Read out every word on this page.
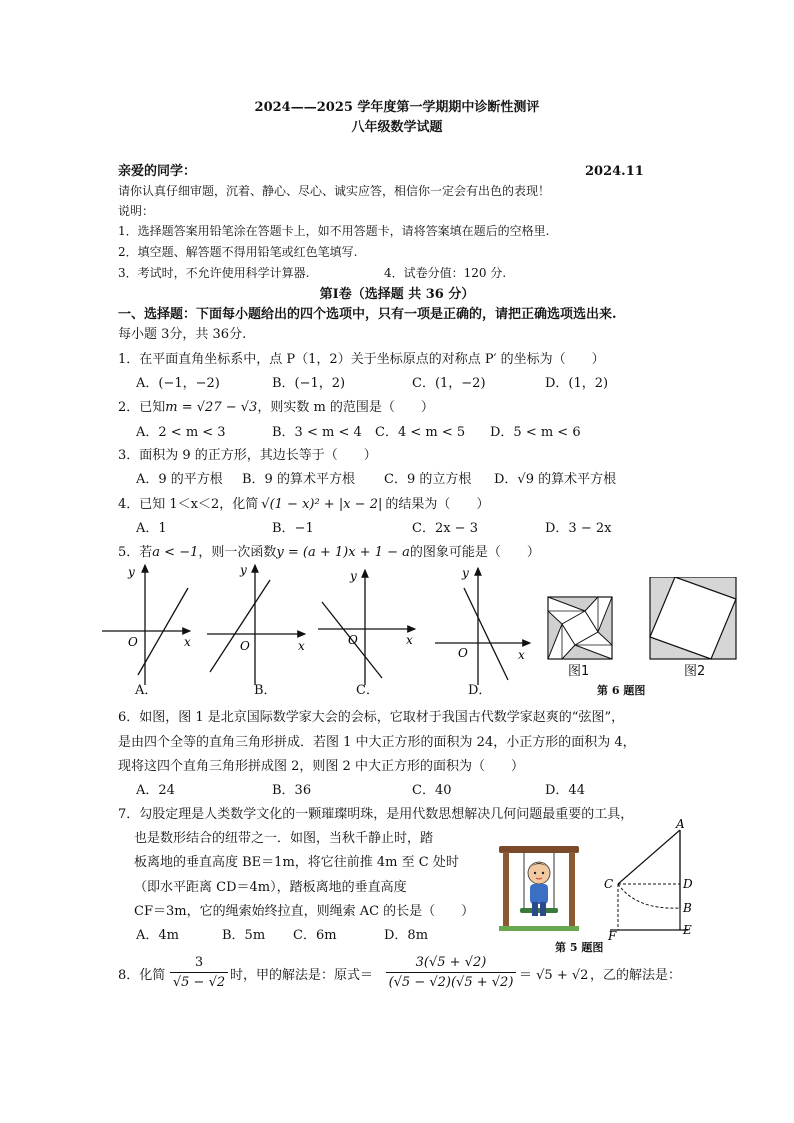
2024——2025 学年度第一学期期中诊断性测评
八年级数学试题
亲爱的同学：	2024.11
请你认真仔细审题，沉着、静心、尽心、诚实应答，相信你一定会有出色的表现！
说明：
1．选择题答案用铅笔涂在答题卡上，如不用答题卡，请将答案填在题后的空格里.
2．填空题、解答题不得用铅笔或红色笔填写.
3．考试时，不允许使用科学计算器.	4．试卷分值：120 分.
第Ⅰ卷（选择题 共 36 分）
一、选择题：下面每小题给出的四个选项中，只有一项是正确的，请把正确选项选出来.
每小题 3分，共 36分.
1．在平面直角坐标系中，点 P（1，2）关于坐标原点的对称点 P′ 的坐标为（　　）
A．(−1，−2)	B．(−1，2)	C．(1，−2)	D．(1，2)
2．已知m = √27 − √3，则实数 m 的范围是（　　）
A．2 < m < 3	B．3 < m < 4 C．4 < m < 5 D．5 < m < 6
3．面积为 9 的正方形，其边长等于（　　）
A．9 的平方根 B．9 的算术平方根 C．9 的立方根 D．√9 的算术平方根
4．已知 1＜x＜2，化简 √(1 − x)² + |x − 2| 的结果为（　　）
A．1	B．−1	C．2x − 3	D．3 − 2x
5．若a < −1，则一次函数y = (a + 1)x + 1 − a的图象可能是（　　）
y
x
O
y
x
O
y
x
O
y
x
O
A．	B．	C．	D．
图1	图2
第 6 题图
6．如图，图 1 是北京国际数学家大会的会标，它取材于我国古代数学家赵爽的“弦图”，
是由四个全等的直角三角形拼成．若图 1 中大正方形的面积为 24，小正方形的面积为 4，
现将这四个直角三角形拼成图 2，则图 2 中大正方形的面积为（　　）
A．24	B．36	C．40	D．44
7．勾股定理是人类数学文化的一颗璀璨明珠，是用代数思想解决几何问题最重要的工具，
也是数形结合的纽带之一．如图，当秋千静止时，踏
板离地的垂直高度 BE＝1m，将它往前推 4m 至 C 处时
（即水平距离 CD＝4m），踏板离地的垂直高度
CF＝3m，它的绳索始终拉直，则绳索 AC 的长是（　　）
A．4m	B．5m C．6m	D．8m
A
C	D
B
E
F
第 5 题图
8．化简 $\frac{3}{√5 - √2}$ 时，甲的解法是：原式＝ $\frac{3(√5 + √2)}{(√5 - √2)(√5 + √2)} = √5 + √2$ ，乙的解法是：
